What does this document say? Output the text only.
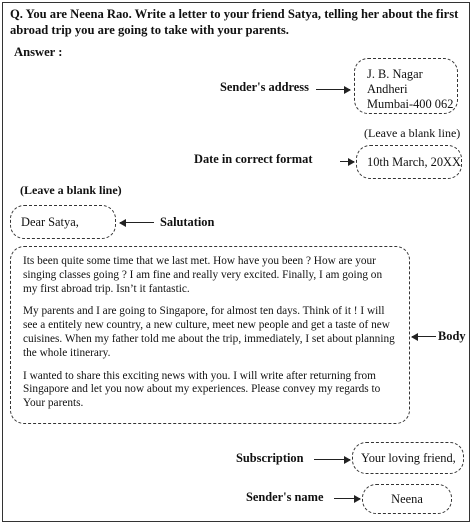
Q. You are Neena Rao. Write a letter to your friend Satya, telling her about the first abroad trip you are going to take with your parents.
Answer :
Sender's address
J. B. Nagar
Andheri
Mumbai-400 062
(Leave a blank line)
Date in correct format	10th March, 20XX
(Leave a blank line)
Dear Satya,	Salutation

Its been quite some time that we last met. How have you been ? How are your singing classes going ? I am fine and really very excited. Finally, I am going on my first abroad trip. Isn’t it fantastic.

My parents and I are going to Singapore, for almost ten days. Think of it ! I will see a entitely new country, a new culture, meet new people and get a taste of new cuisines. When my father told me about the trip, immediately, I set about planning the whole itinerary.

I wanted to share this exciting news with you. I will write after returning from Singapore and let you now about my experiences. Please convey my regards to Your parents.

Body
Subscription	Your loving friend,
Sender's name	Neena
